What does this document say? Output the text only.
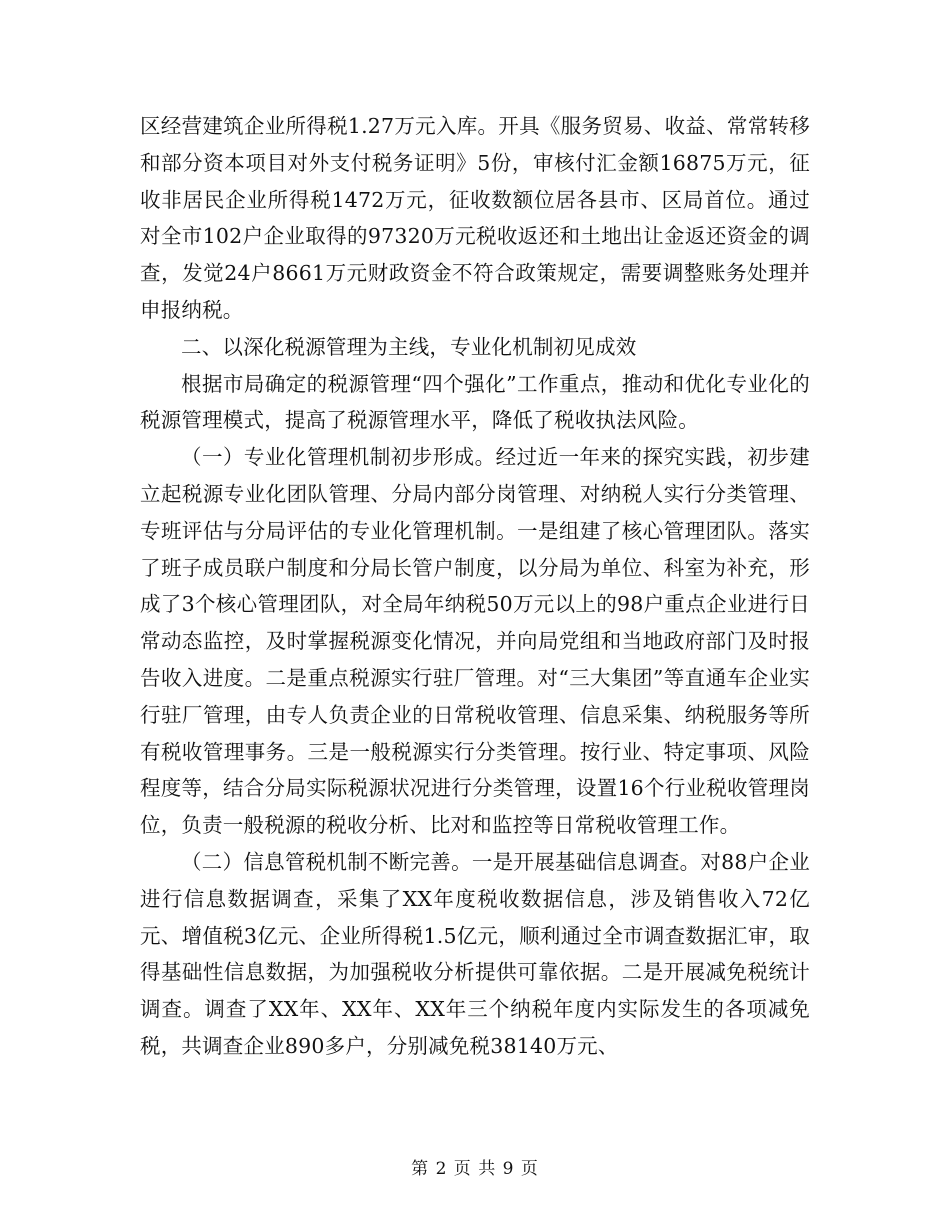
区经营建筑企业所得税1.27万元入库。开具《服务贸易、收益、常常转移和部分资本项目对外支付税务证明》5份，审核付汇金额16875万元，征收非居民企业所得税1472万元，征收数额位居各县市、区局首位。通过对全市102户企业取得的97320万元税收返还和土地出让金返还资金的调查，发觉24户8661万元财政资金不符合政策规定，需要调整账务处理并申报纳税。

二、以深化税源管理为主线，专业化机制初见成效

根据市局确定的税源管理“四个强化”工作重点，推动和优化专业化的税源管理模式，提高了税源管理水平，降低了税收执法风险。

（一）专业化管理机制初步形成。经过近一年来的探究实践，初步建立起税源专业化团队管理、分局内部分岗管理、对纳税人实行分类管理、专班评估与分局评估的专业化管理机制。一是组建了核心管理团队。落实了班子成员联户制度和分局长管户制度，以分局为单位、科室为补充，形成了3个核心管理团队，对全局年纳税50万元以上的98户重点企业进行日常动态监控，及时掌握税源变化情况，并向局党组和当地政府部门及时报告收入进度。二是重点税源实行驻厂管理。对“三大集团”等直通车企业实行驻厂管理，由专人负责企业的日常税收管理、信息采集、纳税服务等所有税收管理事务。三是一般税源实行分类管理。按行业、特定事项、风险程度等，结合分局实际税源状况进行分类管理，设置16个行业税收管理岗位，负责一般税源的税收分析、比对和监控等日常税收管理工作。

（二）信息管税机制不断完善。一是开展基础信息调查。对88户企业进行信息数据调查，采集了XX年度税收数据信息，涉及销售收入72亿元、增值税3亿元、企业所得税1.5亿元，顺利通过全市调查数据汇审，取得基础性信息数据，为加强税收分析提供可靠依据。二是开展减免税统计调查。调查了XX年、XX年、XX年三个纳税年度内实际发生的各项减免税，共调查企业890多户，分别减免税38140万元、

第 2 页 共 9 页
